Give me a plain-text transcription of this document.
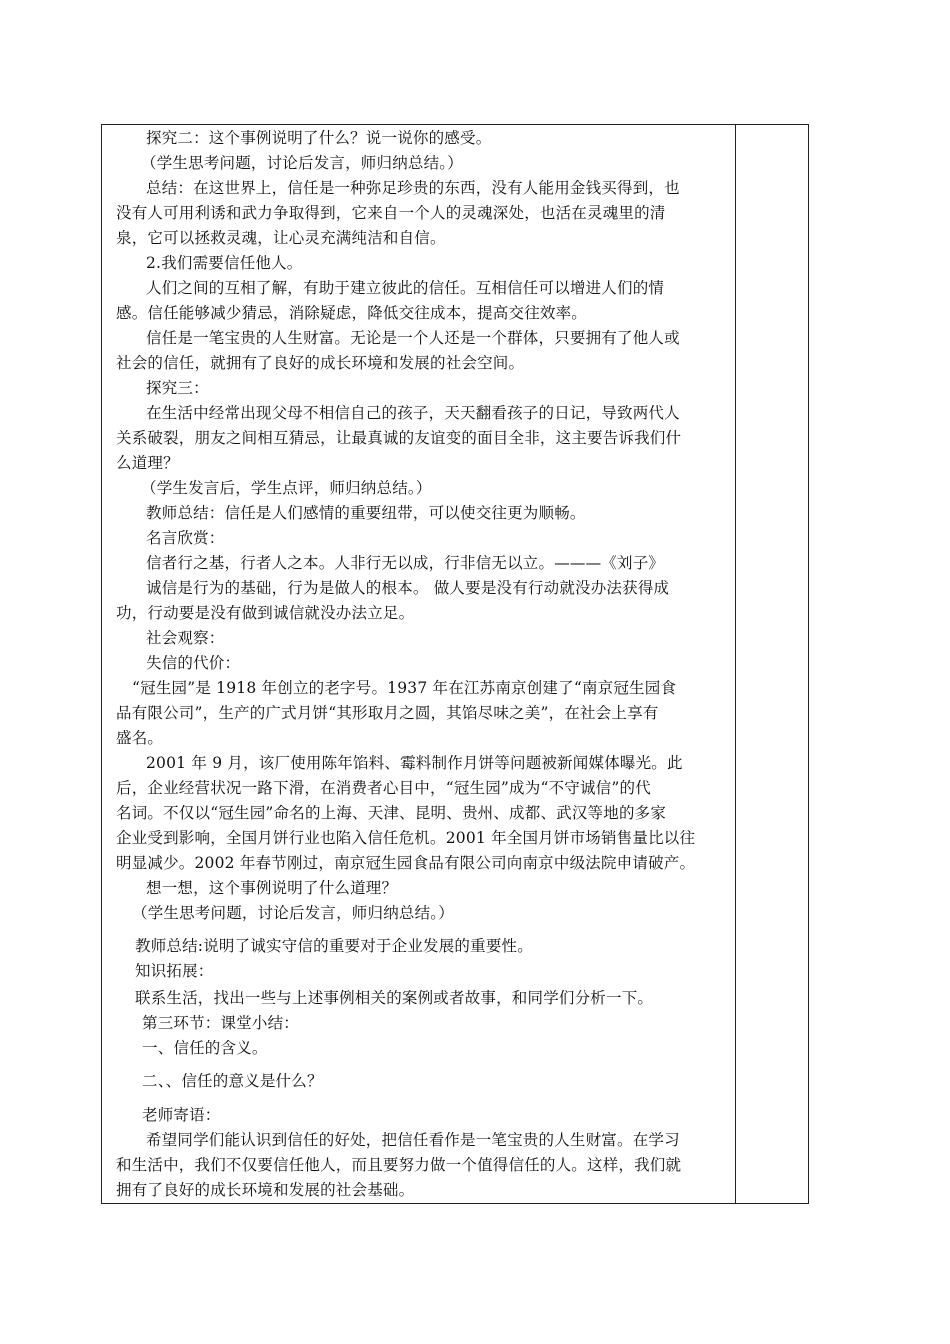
探究二：这个事例说明了什么？说一说你的感受。
（学生思考问题，讨论后发言，师归纳总结。）
总结：在这世界上，信任是一种弥足珍贵的东西，没有人能用金钱买得到，也
没有人可用利诱和武力争取得到，它来自一个人的灵魂深处，也活在灵魂里的清
泉，它可以拯救灵魂，让心灵充满纯洁和自信。
2.我们需要信任他人。
人们之间的互相了解，有助于建立彼此的信任。互相信任可以增进人们的情
感。信任能够减少猜忌，消除疑虑，降低交往成本，提高交往效率。
信任是一笔宝贵的人生财富。无论是一个人还是一个群体，只要拥有了他人或
社会的信任，就拥有了良好的成长环境和发展的社会空间。
探究三：
在生活中经常出现父母不相信自己的孩子，天天翻看孩子的日记，导致两代人
关系破裂，朋友之间相互猜忌，让最真诚的友谊变的面目全非，这主要告诉我们什
么道理？
（学生发言后，学生点评，师归纳总结。）
教师总结：信任是人们感情的重要纽带，可以使交往更为顺畅。
名言欣赏：
信者行之基，行者人之本。人非行无以成，行非信无以立。———《刘子》
诚信是行为的基础，行为是做人的根本。 做人要是没有行动就没办法获得成
功，行动要是没有做到诚信就没办法立足。
社会观察：
失信的代价：
“冠生园”是 1918 年创立的老字号。1937 年在江苏南京创建了“南京冠生园食
品有限公司”，生产的广式月饼“其形取月之圆，其馅尽味之美”，在社会上享有
盛名。
2001 年 9 月，该厂使用陈年馅料、霉料制作月饼等问题被新闻媒体曝光。此
后，企业经营状况一路下滑，在消费者心目中，“冠生园”成为“不守诚信”的代
名词。不仅以“冠生园”命名的上海、天津、昆明、贵州、成都、武汉等地的多家
企业受到影响，全国月饼行业也陷入信任危机。2001 年全国月饼市场销售量比以往
明显减少。2002 年春节刚过，南京冠生园食品有限公司向南京中级法院申请破产。
想一想，这个事例说明了什么道理？
（学生思考问题，讨论后发言，师归纳总结。）
教师总结:说明了诚实守信的重要对于企业发展的重要性。
知识拓展：
联系生活，找出一些与上述事例相关的案例或者故事，和同学们分析一下。
第三环节：课堂小结：
一、信任的含义。
二、、信任的意义是什么？
老师寄语：
希望同学们能认识到信任的好处，把信任看作是一笔宝贵的人生财富。在学习
和生活中，我们不仅要信任他人，而且要努力做一个值得信任的人。这样，我们就
拥有了良好的成长环境和发展的社会基础。
